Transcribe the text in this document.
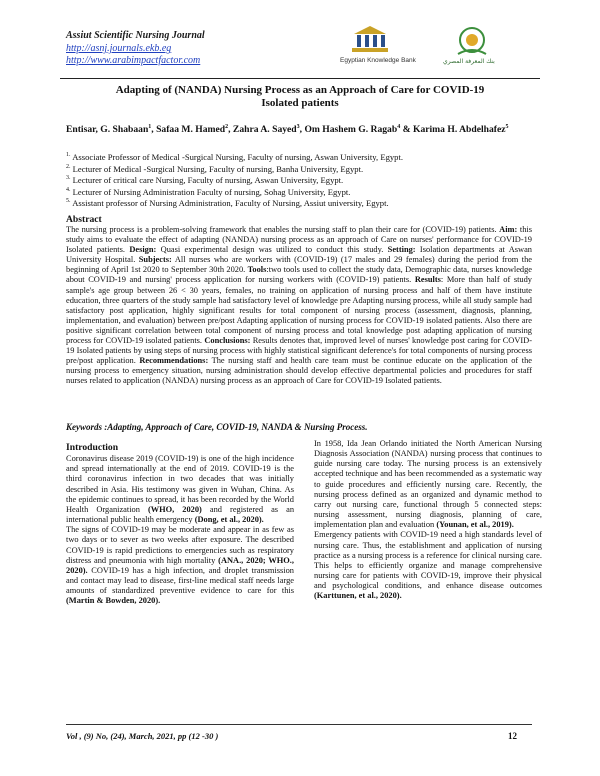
Assiut Scientific Nursing Journal
http://asnj.journals.ekb.eg
http://www.arabimpactfactor.com	Egyptian Knowledge Bank	بنك المعرفة المصري
Adapting of (NANDA) Nursing Process as an Approach of Care for COVID-19
Isolated patients
Entisar, G. Shabaan$^1$, Safaa M. Hamed$^2$, Zahra A. Sayed$^3$, Om Hashem G. Ragab$^4$ & Karima H. Abdelhafez$^5$
$^{1.}$ Associate Professor of Medical -Surgical Nursing, Faculty of nursing, Aswan University, Egypt.
$^{2.}$ Lecturer of Medical -Surgical Nursing, Faculty of nursing, Banha University, Egypt.
$^{3.}$ Lecturer of critical care Nursing, Faculty of nursing, Aswan University, Egypt.
$^{4.}$ Lecturer of Nursing Administration Faculty of nursing, Sohag University, Egypt.
$^{5.}$ Assistant professor of Nursing Administration, Faculty of Nursing, Assiut university, Egypt.
Abstract
The nursing process is a problem-solving framework that enables the nursing staff to plan their care for (COVID-19) patients. Aim: this study aims to evaluate the effect of adapting (NANDA) nursing process as an approach of Care on nurses' performance for COVID-19 Isolated patients. Design: Quasi experimental design was utilized to conduct this study. Setting: Isolation departments at Aswan University Hospital. Subjects: All nurses who are workers with (COVID-19) (17 males and 29 females) during the period from the beginning of April 1st 2020 to September 30th 2020. Tools:two tools used to collect the study data, Demographic data, nurses knowledge about COVID-19 and nursing' process application for nursing workers with (COVID-19) patients. Results: More than half of study sample's age group between 26 < 30 years, females, no training on application of nursing process and half of them have institute education, three quarters of the study sample had satisfactory level of knowledge pre Adapting nursing process, while all study sample had satisfactory post application, highly significant results for total component of nursing process (assessment, diagnosis, planning, implementation, and evaluation) between pre/post Adapting application of nursing process for COVID-19 isolated patients. Also there are positive significant correlation between total component of nursing process and total knowledge post adapting application of nursing process for COVID-19 isolated patients. Conclusions: Results denotes that, improved level of nurses' knowledge post caring for COVID-19 Isolated patients by using steps of nursing process with highly statistical significant deference's for total components of nursing process pre/post application. Recommendations: The nursing staff and health care team must be continue educate on the application of the nursing process to emergency situation, nursing administration should develop effective departmental policies and procedures for staff nurses related to application (NANDA) nursing process as an approach of Care for COVID-19 Isolated patients.
Keywords :Adapting, Approach of Care, COVID-19, NANDA & Nursing Process.
Introduction
Coronavirus disease 2019 (COVID-19) is one of the high incidence and spread internationally at the end of 2019. COVID-19 is the third coronavirus infection in two decades that was initially described in Asia. His testimony was given in Wuhan, China. As the epidemic continues to spread, it has been recorded by the World Health Organization (WHO, 2020) and registered as an international public health emergency (Dong, et al., 2020).
The signs of COVID-19 may be moderate and appear in as few as two days or to sever as two weeks after exposure. The described COVID-19 is rapid predictions to emergencies such as respiratory distress and pneumonia with high mortality (ANA., 2020; WHO., 2020). COVID-19 has a high infection, and droplet transmission and contact may lead to disease, first-line medical staff needs large amounts of standardized preventive evidence to care for this (Martin & Bowden, 2020).
In 1958, Ida Jean Orlando initiated the North American Nursing Diagnosis Association (NANDA) nursing process that continues to guide nursing care today. The nursing process is an extensively accepted technique and has been recommended as a systematic way to guide procedures and efficiently nursing care. Recently, the nursing process defined as an organized and dynamic method to carry out nursing care, functional through 5 connected steps: nursing assessment, nursing diagnosis, planning of care, implementation plan and evaluation (Younan, et al., 2019).
Emergency patients with COVID-19 need a high standards level of nursing care. Thus, the establishment and application of nursing practice as a nursing process is a reference for clinical nursing care. This helps to efficiently organize and manage comprehensive nursing care for patients with COVID-19, improve their physical and psychological conditions, and enhance disease outcomes (Karttunen, et al., 2020).
Vol , (9) No, (24), March, 2021, pp (12 -30 )	12
